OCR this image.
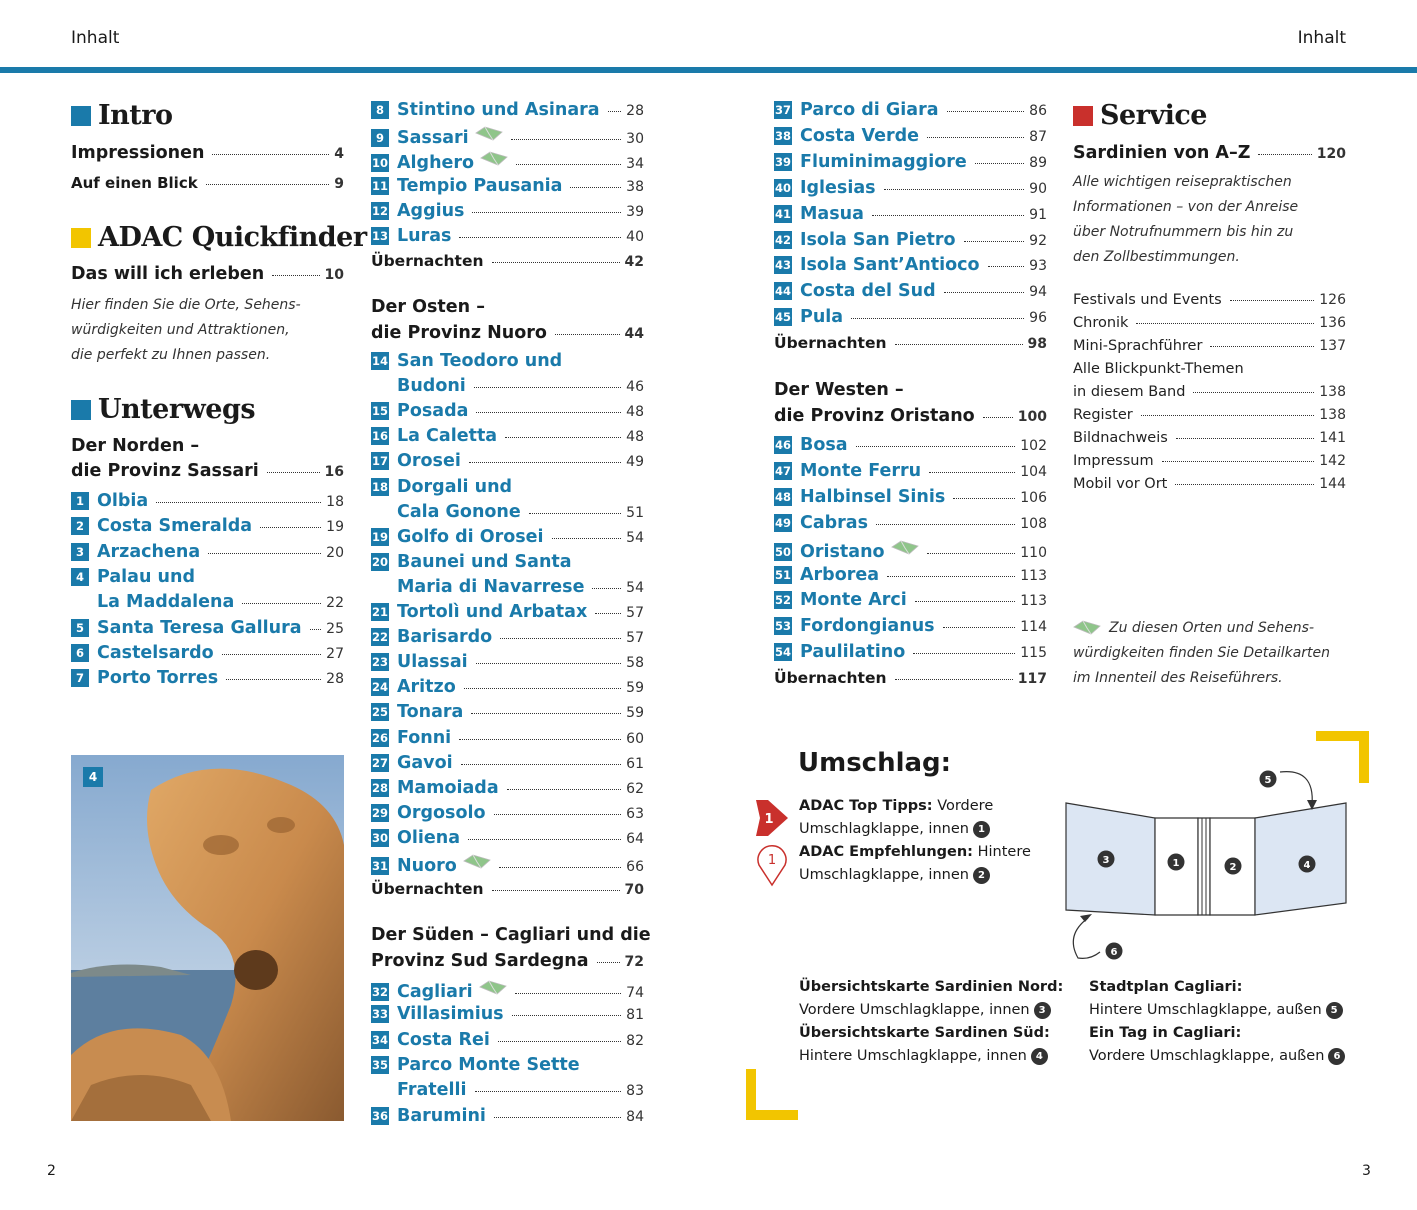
Inhalt	Inhalt
2	3
Intro
Impressionen	4
Auf einen Blick	9
ADAC Quickfinder
Das will ich erleben	10
Hier finden Sie die Orte, Sehens-
würdigkeiten und Attraktionen,
die perfekt zu Ihnen passen.
Unterwegs
Der Norden –
die Provinz Sassari	16
1 Olbia	18
2 Costa Smeralda	19
3 Arzachena	20
4 Palau und
La Maddalena	22
5 Santa Teresa Gallura 25
6 Castelsardo	27
7 Porto Torres	28
4
8 Stintino und Asinara 28
9 Sassari	30
10 Alghero	34
11 Tempio Pausania	38
12 Aggius	39
13 Luras	40
Übernachten	42
Der Osten –
die Provinz Nuoro	44
14 San Teodoro und
Budoni	46
15 Posada	48
16 La Caletta	48
17 Orosei	49
18 Dorgali und
Cala Gonone	51
19 Golfo di Orosei	54
20 Baunei und Santa
Maria di Navarrese	54
21 Tortolì und Arbatax	57
22 Barisardo	57
23 Ulassai	58
24 Aritzo	59
25 Tonara	59
26 Fonni	60
27 Gavoi	61
28 Mamoiada	62
29 Orgosolo	63
30 Oliena	64
31 Nuoro	66
Übernachten	70
Der Süden – Cagliari und die
Provinz Sud Sardegna	72
32 Cagliari	74
33 Villasimius	81
34 Costa Rei	82
35 Parco Monte Sette
Fratelli	83
36 Barumini	84
37 Parco di Giara	86
38 Costa Verde	87
39 Fluminimaggiore	89
40 Iglesias	90
41 Masua	91
42 Isola San Pietro	92
43 Isola Sant’Antioco	93
44 Costa del Sud	94
45 Pula	96
Übernachten	98
Der Westen –
die Provinz Oristano	100
46 Bosa	102
47 Monte Ferru	104
48 Halbinsel Sinis	106
49 Cabras	108
50 Oristano	110
51 Arborea	113
52 Monte Arci	113
53 Fordongianus	114
54 Paulilatino	115
Übernachten	117
Service
Sardinien von A–Z	120
Alle wichtigen reisepraktischen
Informationen – von der Anreise
über Notrufnummern bis hin zu
den Zollbestimmungen.
Festivals und Events	126
Chronik	136
Mini-Sprachführer	137
Alle Blickpunkt-Themen
in diesem Band	138
Register	138
Bildnachweis	141
Impressum	142
Mobil vor Ort	144
Zu diesen Orten und Sehens-
würdigkeiten finden Sie Detailkarten
im Innenteil des Reiseführers.
Umschlag:
1
1
ADAC Top Tipps: Vordere
Umschlagklappe, innen 1
ADAC Empfehlungen: Hintere
Umschlagklappe, innen 2
3	1	2	4
5
6
Übersichtskarte Sardinien Nord:
Vordere Umschlagklappe, innen 3
Übersichtskarte Sardinen Süd:
Hintere Umschlagklappe, innen 4
Stadtplan Cagliari:
Hintere Umschlagklappe, außen 5
Ein Tag in Cagliari:
Vordere Umschlagklappe, außen 6
